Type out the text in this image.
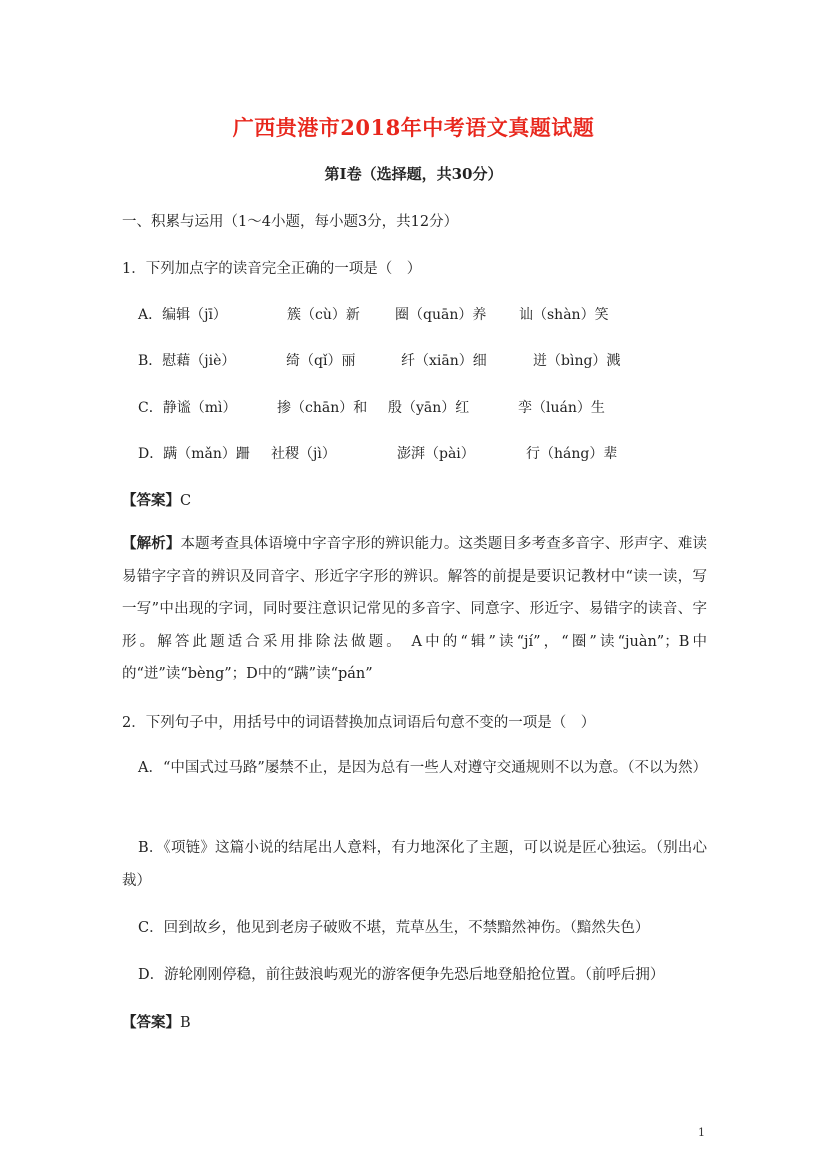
广西贵港市2018年中考语文真题试题
第Ⅰ卷（选择题，共30分）
一、积累与运用（1～4小题，每小题3分，共12分）
1．下列加点字的读音完全正确的一项是（　）
A．编辑（jī）	簇（cù）新	圈（quān）养 讪（shàn）笑
B．慰藉（jiè）	绮（qǐ）丽	纤（xiān）细	迸（bìng）溅
C．静谧（mì）	掺（chān）和 殷（yān）红	孪（luán）生
D．蹒（mǎn）跚 社稷（jì）	澎湃（pài）	行（háng）辈
【答案】C
【解析】本题考查具体语境中字音字形的辨识能力。这类题目多考查多音字、形声字、难读易错字字音的辨识及同音字、形近字字形的辨识。解答的前提是要识记教材中“读一读，写一写”中出现的字词，同时要注意识记常见的多音字、同意字、形近字、易错字的读音、字形。解答此题适合采用排除法做题。 A中的“辑”读“jí”，“圈”读“juàn”；B中的“迸”读“bèng”；D中的“蹒”读“pán”
2．下列句子中，用括号中的词语替换加点词语后句意不变的一项是（　）
A．“中国式过马路”屡禁不止，是因为总有一些人对遵守交通规则不以为意。（不以为然）
B．《项链》这篇小说的结尾出人意料，有力地深化了主题，可以说是匠心独运。（别出心裁）
C．回到故乡，他见到老房子破败不堪，荒草丛生，不禁黯然神伤。（黯然失色）
D．游轮刚刚停稳，前往鼓浪屿观光的游客便争先恐后地登船抢位置。（前呼后拥）
【答案】B
1
